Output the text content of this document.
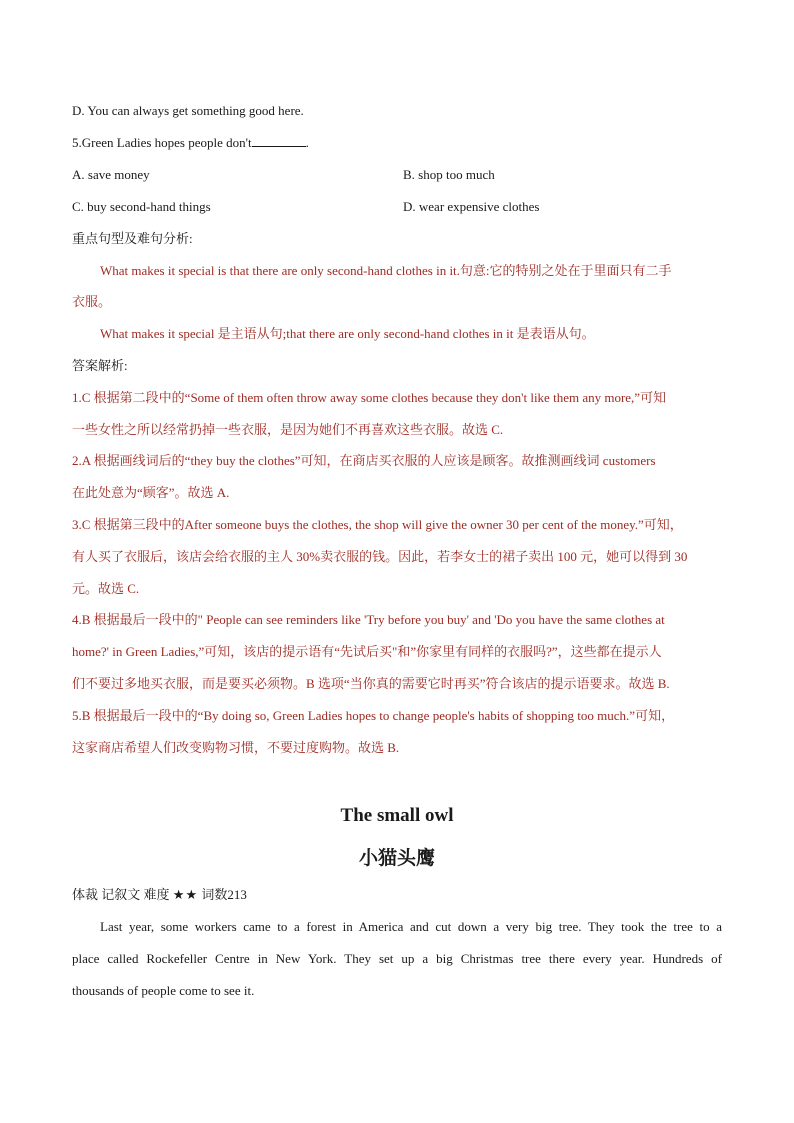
D. You can always get something good here.
5.Green Ladies hopes people don't	.
A. save money	B. shop too much
C. buy second-hand things	D. wear expensive clothes
重点句型及难句分析:
What makes it special is that there are only second-hand clothes in it.句意:它的特别之处在于里面只有二手
衣服。
What makes it special 是主语从句;that there are only second-hand clothes in it 是表语从句。
答案解析:
1.C 根据第二段中的“Some of them often throw away some clothes because they don't like them any more,”可知
一些女性之所以经常扔掉一些衣服，是因为她们不再喜欢这些衣服。故选 C.
2.A 根据画线词后的“they buy the clothes”可知，在商店买衣服的人应该是顾客。故推测画线词 customers
在此处意为“顾客”。故选 A.
3.C 根据第三段中的After someone buys the clothes, the shop will give the owner 30 per cent of the money.”可知，
有人买了衣服后，该店会给衣服的主人 30%卖衣服的钱。因此，若李女士的裙子卖出 100 元，她可以得到 30
元。故选 C.
4.B 根据最后一段中的" People can see reminders like 'Try before you buy' and 'Do you have the same clothes at
home?' in Green Ladies,”可知，该店的提示语有“先试后买"和”你家里有同样的衣服吗?”，这些都在提示人
们不要过多地买衣服，而是要买必须物。B 选项“当你真的需要它时再买”符合该店的提示语要求。故选 B.
5.B 根据最后一段中的“By doing so, Green Ladies hopes to change people's habits of shopping too much.”可知，
这家商店希望人们改变购物习惯，不要过度购物。故选 B.
The small owl
小猫头鹰
体裁 记叙文 难度 ★★ 词数213
Last year, some workers came to a forest in America and cut down a very big tree. They took the tree to a
place called Rockefeller Centre in New York. They set up a big Christmas tree there every year. Hundreds of
thousands of people come to see it.
